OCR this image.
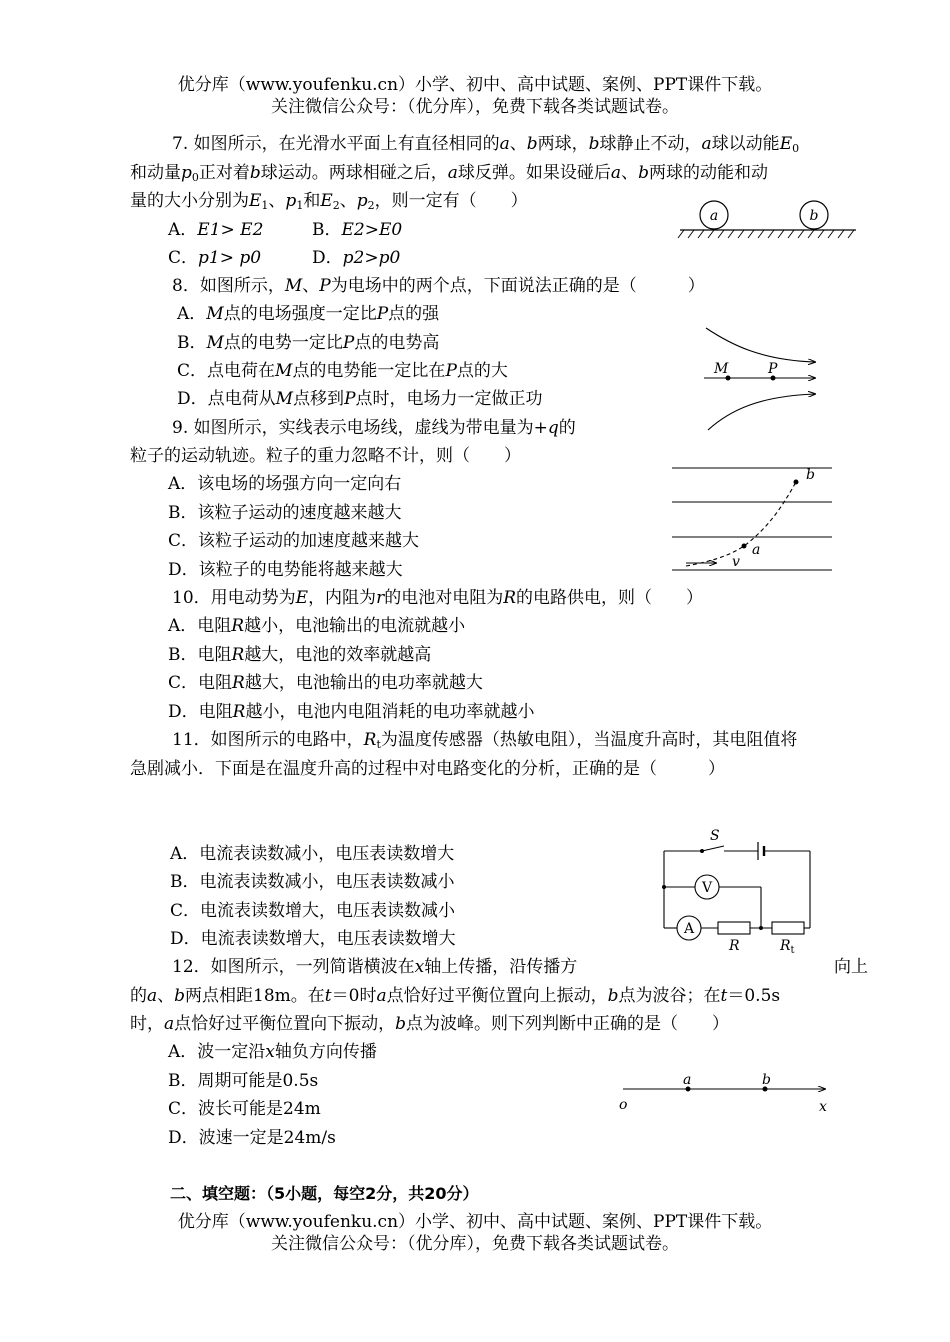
优分库（www.youfenku.cn）小学、初中、高中试题、案例、PPT课件下载。
关注微信公众号：（优分库），免费下载各类试题试卷。
7. 如图所示，在光滑水平面上有直径相同的a、b两球，b球静止不动，a球以动能$E_0$
和动量$p_0$正对着b球运动。两球相碰之后，a球反弹。如果设碰后a、b两球的动能和动
量的大小分别为$E_1$、$p_1$和$E_2$、$p_2$，则一定有（　　）
A．E1> E2	B．E2>E0
C．p1> p0	D．p2>p0
a	b
8．如图所示，M、P为电场中的两个点，下面说法正确的是（　　　）
A．M点的电场强度一定比P点的强
B．M点的电势一定比P点的电势高
C．点电荷在M点的电势能一定比在P点的大
D．点电荷从M点移到P点时，电场力一定做正功
M	P
9. 如图所示，实线表示电场线，虚线为带电量为+q的
粒子的运动轨迹。粒子的重力忽略不计，则（　　）
A．该电场的场强方向一定向右
B．该粒子运动的速度越来越大
C．该粒子运动的加速度越来越大
D．该粒子的电势能将越来越大
a
b
v
10．用电动势为E，内阻为r的电池对电阻为R的电路供电，则（　　）
A．电阻R越小，电池输出的电流就越小
B．电阻R越大，电池的效率就越高
C．电阻R越大，电池输出的电功率就越大
D．电阻R越小，电池内电阻消耗的电功率就越小
11．如图所示的电路中，$R_t$为温度传感器（热敏电阻），当温度升高时，其电阻值将
急剧减小．下面是在温度升高的过程中对电路变化的分析，正确的是（　　　）
A．电流表读数减小，电压表读数增大
B．电流表读数减小，电压表读数减小
C．电流表读数增大，电压表读数减小
D．电流表读数增大，电压表读数增大
S
V
A
R	$R_t$
12．如图所示，一列简谐横波在x轴上传播，沿传播方	向上
的a、b两点相距18m。在t＝0时a点恰好过平衡位置向上振动，b点为波谷；在t＝0.5s
时，a点恰好过平衡位置向下振动，b点为波峰。则下列判断中正确的是（　　）
A．波一定沿x轴负方向传播
B．周期可能是0.5s
C．波长可能是24m
D．波速一定是24m/s
a	b
o	x
二、填空题：（5小题，每空2分，共20分）
优分库（www.youfenku.cn）小学、初中、高中试题、案例、PPT课件下载。
关注微信公众号：（优分库），免费下载各类试题试卷。
